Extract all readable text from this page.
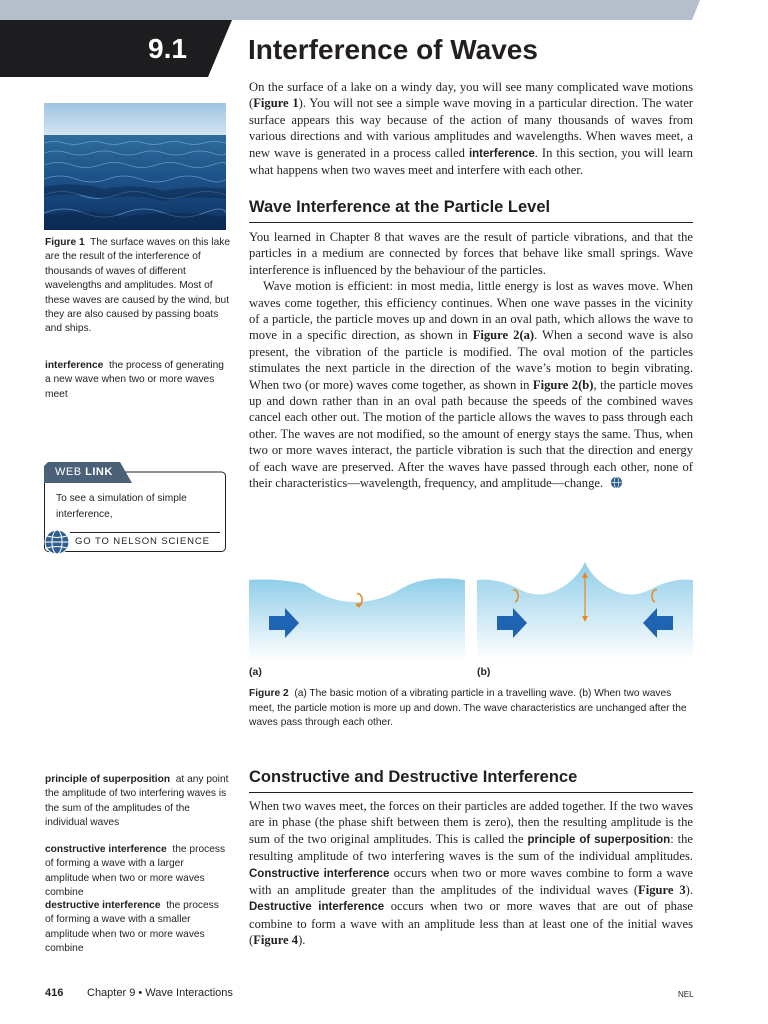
9.1 Interference of Waves
Figure 1 The surface waves on this lake are the result of the interference of thousands of waves of different wavelengths and amplitudes. Most of these waves are caused by the wind, but they are also caused by passing boats and ships.
interference the process of generating a new wave when two or more waves meet
WEB LINK
To see a simulation of simple interference,
GO TO NELSON SCIENCE
principle of superposition at any point the amplitude of two interfering waves is the sum of the amplitudes of the individual waves
constructive interference the process of forming a wave with a larger amplitude when two or more waves combine
destructive interference the process of forming a wave with a smaller amplitude when two or more waves combine

On the surface of a lake on a windy day, you will see many complicated wave motions (Figure 1). You will not see a simple wave moving in a particular direction. The water surface appears this way because of the action of many thousands of waves from various directions and with various amplitudes and wavelengths. When waves meet, a new wave is generated in a process called interference. In this section, you will learn what happens when two waves meet and interfere with each other.

Wave Interference at the Particle Level

You learned in Chapter 8 that waves are the result of particle vibrations, and that the particles in a medium are connected by forces that behave like small springs. Wave interference is influenced by the behaviour of the particles.

Wave motion is efficient: in most media, little energy is lost as waves move. When waves come together, this efficiency continues. When one wave passes in the vicinity of a particle, the particle moves up and down in an oval path, which allows the wave to move in a specific direction, as shown in Figure 2(a). When a second wave is also present, the vibration of the particle is modified. The oval motion of the particles stimulates the next particle in the direction of the wave’s motion to begin vibrating. When two (or more) waves come together, as shown in Figure 2(b), the particle moves up and down rather than in an oval path because the speeds of the combined waves cancel each other out. The motion of the particle allows the waves to pass through each other. The waves are not modified, so the amount of energy stays the same. Thus, when two or more waves interact, the particle vibration is such that the direction and energy of each wave are preserved. After the waves have passed through each other, none of their characteristics—wavelength, frequency, and amplitude—change.

(a)	(b)
Figure 2 (a) The basic motion of a vibrating particle in a travelling wave. (b) When two waves meet, the particle motion is more up and down. The wave characteristics are unchanged after the waves pass through each other.
Constructive and Destructive Interference

When two waves meet, the forces on their particles are added together. If the two waves are in phase (the phase shift between them is zero), then the resulting amplitude is the sum of the two original amplitudes. This is called the principle of superposition: the resulting amplitude of two interfering waves is the sum of the individual amplitudes. Constructive interference occurs when two or more waves combine to form a wave with an amplitude greater than the amplitudes of the individual waves (Figure 3). Destructive interference occurs when two or more waves that are out of phase combine to form a wave with an amplitude less than at least one of the initial waves (Figure 4).

416 Chapter 9 • Wave Interactions	NEL
